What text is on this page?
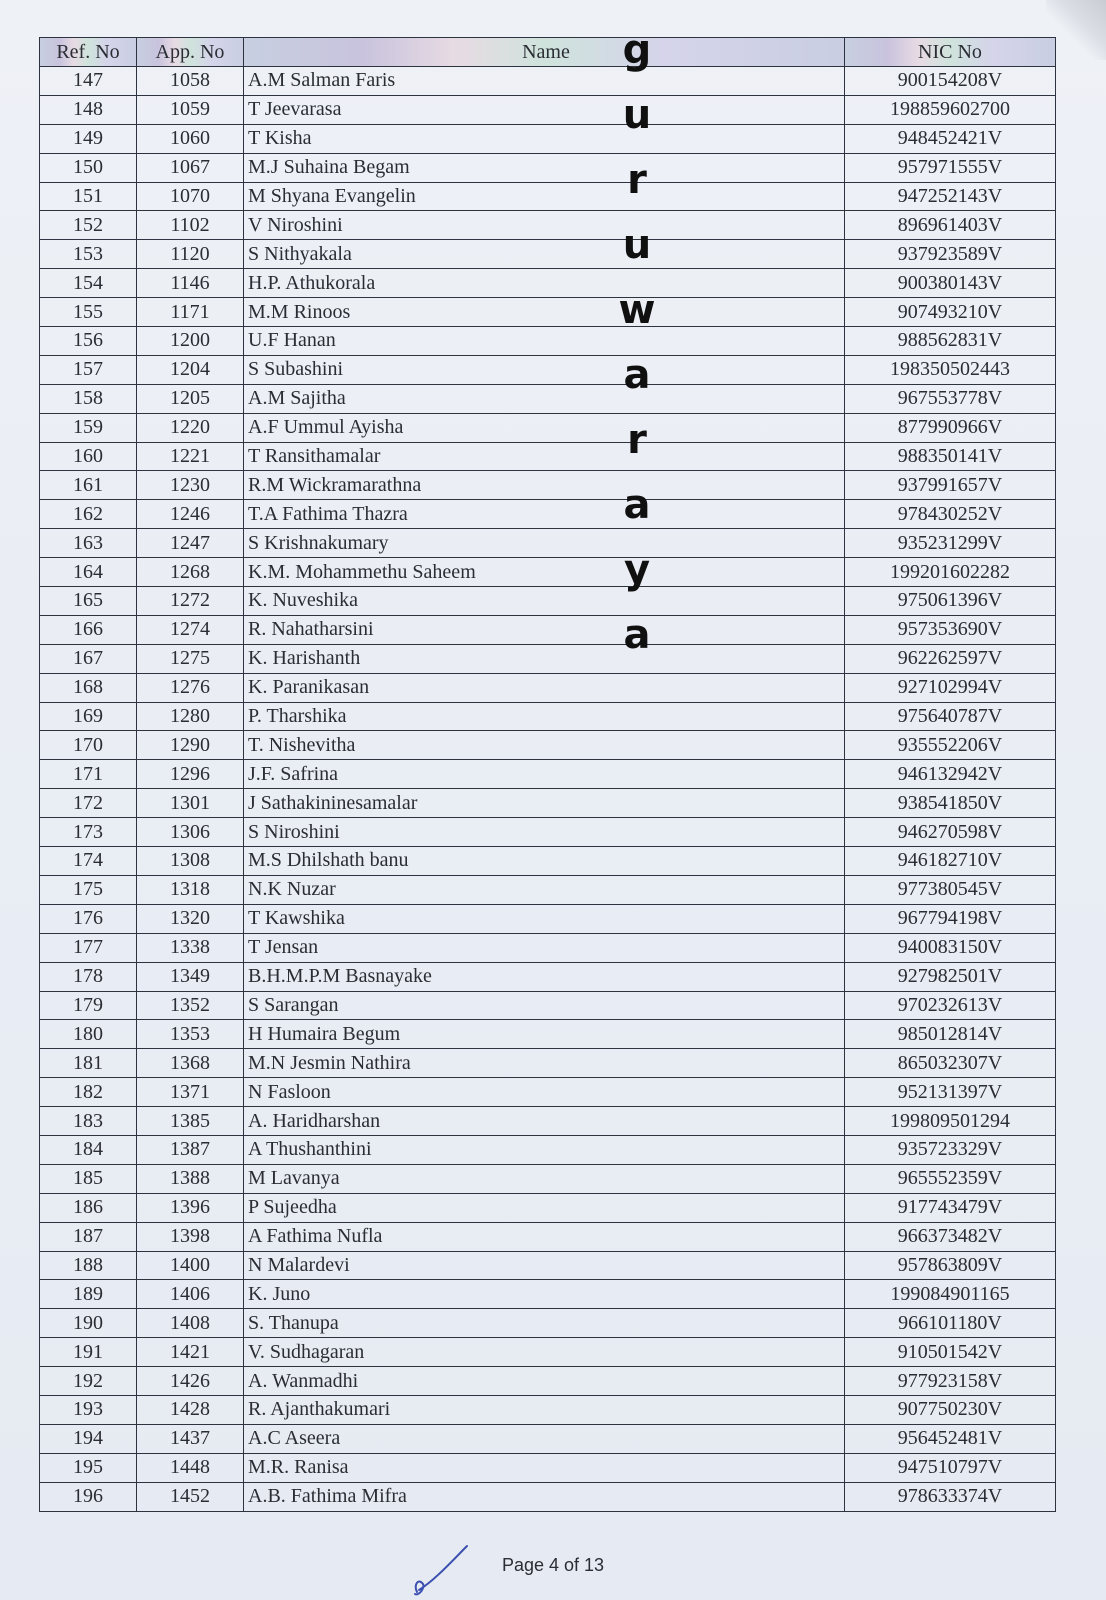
Ref. No	App. No	Name	NIC No
147	1058	A.M Salman Faris	900154208V
148	1059	T Jeevarasa	198859602700
149	1060	T Kisha	948452421V
150	1067	M.J Suhaina Begam	957971555V
151	1070	M Shyana Evangelin	947252143V
152	1102	V Niroshini	896961403V
153	1120	S Nithyakala	937923589V
154	1146	H.P. Athukorala	900380143V
155	1171	M.M Rinoos	907493210V
156	1200	U.F Hanan	988562831V
157	1204	S Subashini	198350502443
158	1205	A.M Sajitha	967553778V
159	1220	A.F Ummul Ayisha	877990966V
160	1221	T Ransithamalar	988350141V
161	1230	R.M Wickramarathna	937991657V
162	1246	T.A Fathima Thazra	978430252V
163	1247	S Krishnakumary	935231299V
164	1268	K.M. Mohammethu Saheem	199201602282
165	1272	K. Nuveshika	975061396V
166	1274	R. Nahatharsini	957353690V
167	1275	K. Harishanth	962262597V
168	1276	K. Paranikasan	927102994V
169	1280	P. Tharshika	975640787V
170	1290	T. Nishevitha	935552206V
171	1296	J.F. Safrina	946132942V
172	1301	J Sathakininesamalar	938541850V
173	1306	S Niroshini	946270598V
174	1308	M.S Dhilshath banu	946182710V
175	1318	N.K Nuzar	977380545V
176	1320	T Kawshika	967794198V
177	1338	T Jensan	940083150V
178	1349	B.H.M.P.M Basnayake	927982501V
179	1352	S Sarangan	970232613V
180	1353	H Humaira Begum	985012814V
181	1368	M.N Jesmin Nathira	865032307V
182	1371	N Fasloon	952131397V
183	1385	A. Haridharshan	199809501294
184	1387	A Thushanthini	935723329V
185	1388	M Lavanya	965552359V
186	1396	P Sujeedha	917743479V
187	1398	A Fathima Nufla	966373482V
188	1400	N Malardevi	957863809V
189	1406	K. Juno	199084901165
190	1408	S. Thanupa	966101180V
191	1421	V. Sudhagaran	910501542V
192	1426	A. Wanmadhi	977923158V
193	1428	R. Ajanthakumari	907750230V
194	1437	A.C Aseera	956452481V
195	1448	M.R. Ranisa	947510797V
196	1452	A.B. Fathima Mifra	978633374V
g
u
r
u
w
a
r
a
y
a
Page 4 of 13
